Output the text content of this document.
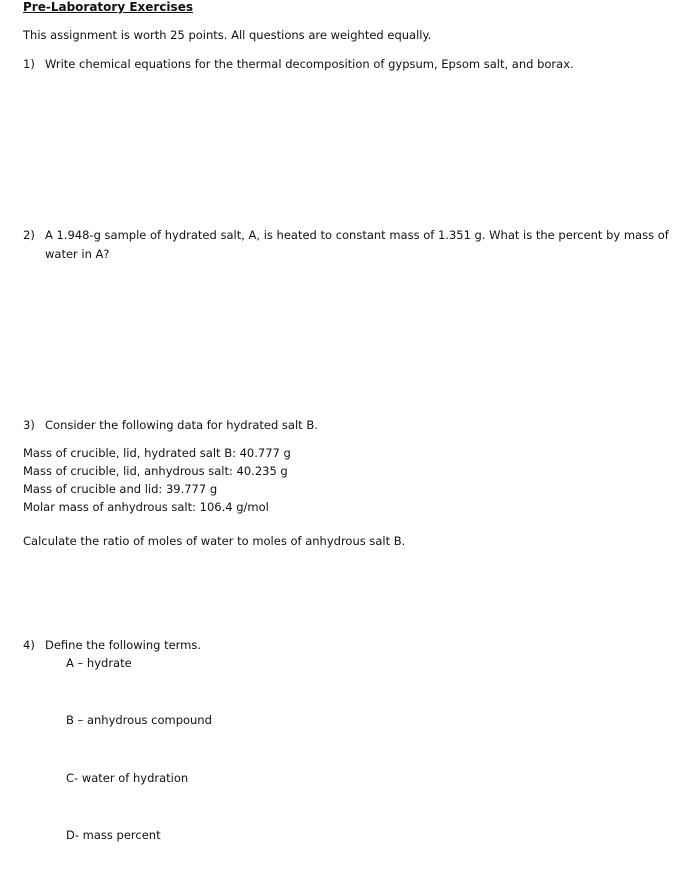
Pre-Laboratory Exercises
This assignment is worth 25 points. All questions are weighted equally.
1) Write chemical equations for the thermal decomposition of gypsum, Epsom salt, and borax.
2) A 1.948-g sample of hydrated salt, A, is heated to constant mass of 1.351 g. What is the percent by mass of
water in A?
3) Consider the following data for hydrated salt B.
Mass of crucible, lid, hydrated salt B: 40.777 g
Mass of crucible, lid, anhydrous salt: 40.235 g
Mass of crucible and lid: 39.777 g
Molar mass of anhydrous salt: 106.4 g/mol
Calculate the ratio of moles of water to moles of anhydrous salt B.
4) Define the following terms.
A – hydrate
B – anhydrous compound
C- water of hydration
D- mass percent
